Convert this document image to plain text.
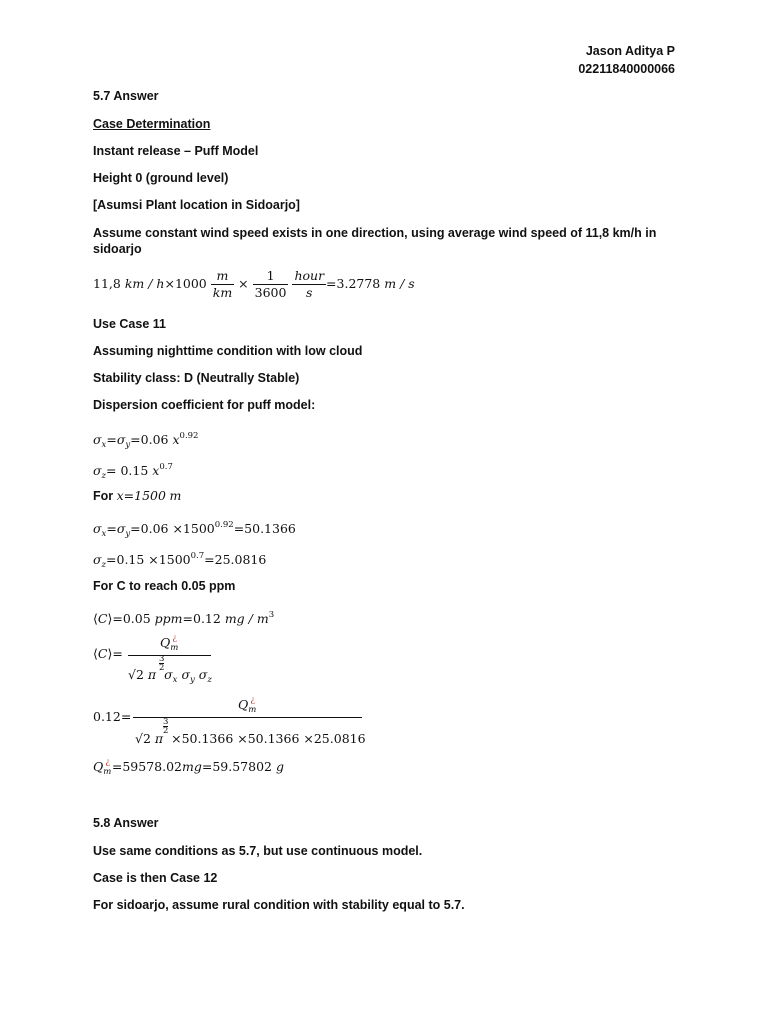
Jason Aditya P
02211840000066
5.7 Answer
Case Determination
Instant release – Puff Model
Height 0 (ground level)
[Asumsi Plant location in Sidoarjo]
Assume constant wind speed exists in one direction, using average wind speed of 11,8 km/h in
sidoarjo
11,8 km / $h\times 1000 \frac{m}{km} \times \frac{1}{3600}$
$\frac{\text{hour}}{s} =3.2778$ m / s
Use Case 11
Assuming nighttime condition with low cloud
Stability class: D (Neutrally Stable)
Dispersion coefficient for puff model:
$\sigma_x=\sigma_y=0.06$ $x^{0.92}$
$\sigma_z= 0.15$ $x^{0.7}$
For x=1500 m
$\sigma_x=\sigma_y=0.06 \times 1500^{0.92}=50.1366$
$\sigma_z=0.15 \times 1500^{0.7}=25.0816$
For C to reach 0.05 ppm
⟨C⟩=0.05 ppm=0.12 mg / $m^3$
⟨C⟩=
$Q_m^¿$
√2 π
$\frac{3}{2}$
$\sigma_x$ $\sigma_y$ $\sigma_z$
0.12=
$Q_m^¿$
√2 π
$\frac{3}{2}$
×50.1366 ×50.1366 ×25.0816
$Q_m^¿ =59578.02mg=59.57802$ g
5.8 Answer
Use same conditions as 5.7, but use continuous model.
Case is then Case 12
For sidoarjo, assume rural condition with stability equal to 5.7.
